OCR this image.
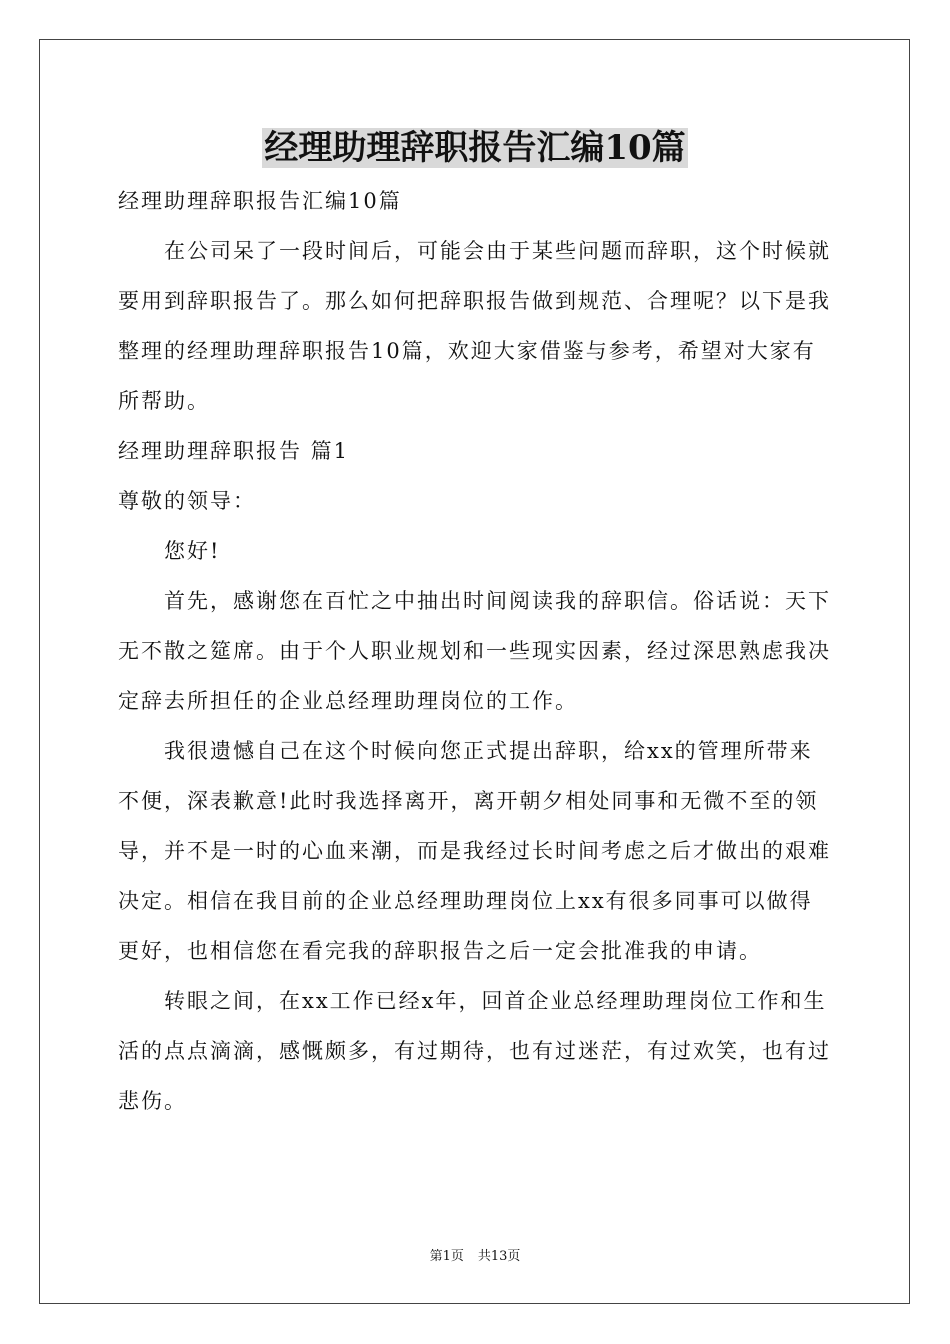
经理助理辞职报告汇编10篇

经理助理辞职报告汇编10篇

在公司呆了一段时间后，可能会由于某些问题而辞职，这个时候就要用到辞职报告了。那么如何把辞职报告做到规范、合理呢？以下是我整理的经理助理辞职报告10篇，欢迎大家借鉴与参考，希望对大家有所帮助。

经理助理辞职报告 篇1

尊敬的领导：

您好!

首先，感谢您在百忙之中抽出时间阅读我的辞职信。俗话说：天下无不散之筵席。由于个人职业规划和一些现实因素，经过深思熟虑我决定辞去所担任的企业总经理助理岗位的工作。

我很遗憾自己在这个时候向您正式提出辞职，给xx的管理所带来不便，深表歉意!此时我选择离开，离开朝夕相处同事和无微不至的领导，并不是一时的心血来潮，而是我经过长时间考虑之后才做出的艰难决定。相信在我目前的企业总经理助理岗位上xx有很多同事可以做得更好，也相信您在看完我的辞职报告之后一定会批准我的申请。

转眼之间，在xx工作已经x年，回首企业总经理助理岗位工作和生活的点点滴滴，感慨颇多，有过期待，也有过迷茫，有过欢笑，也有过悲伤。

第1页 共13页
